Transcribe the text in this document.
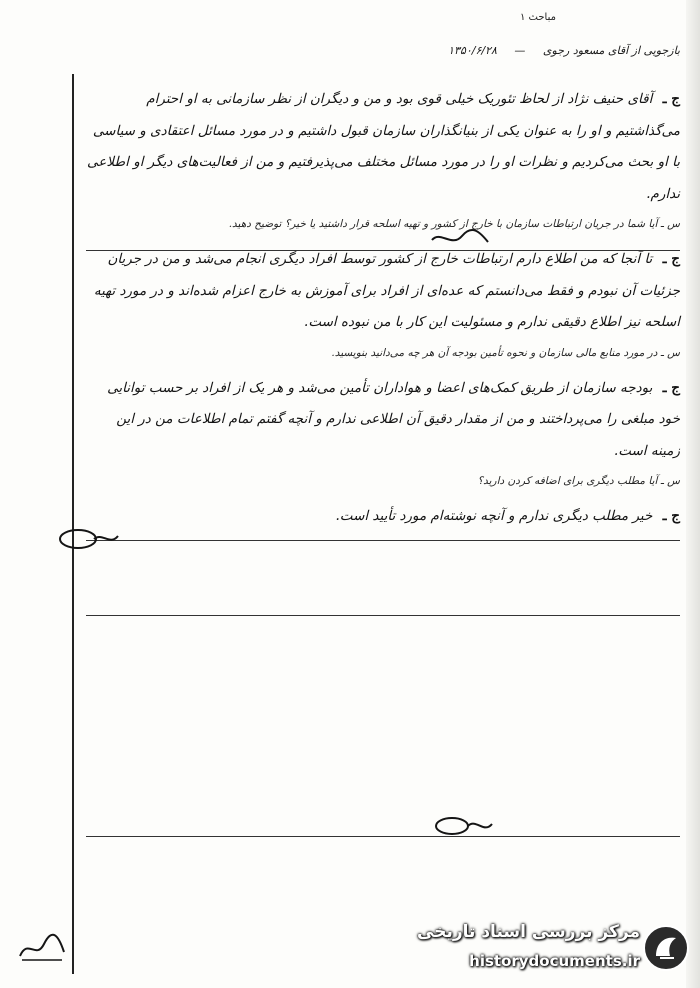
مباحث ۱
بازجویی از آقای مسعود رجوی — ۱۳۵۰/۶/۲۸
ج ـ آقای حنیف نژاد از لحاظ تئوریک خیلی قوی بود و من و دیگران از نظر سازمانی به او احترام می‌گذاشتیم و او را به عنوان یکی از بنیانگذاران سازمان قبول داشتیم و در مورد مسائل اعتقادی و سیاسی با او بحث می‌کردیم و نظرات او را در مورد مسائل مختلف می‌پذیرفتیم و من از فعالیت‌های دیگر او اطلاعی ندارم.
س ـ آیا شما در جریان ارتباطات سازمان با خارج از کشور و تهیه اسلحه قرار داشتید یا خیر؟ توضیح دهید.
ج ـ تا آنجا که من اطلاع دارم ارتباطات خارج از کشور توسط افراد دیگری انجام می‌شد و من در جریان جزئیات آن نبودم و فقط می‌دانستم که عده‌ای از افراد برای آموزش به خارج اعزام شده‌اند و در مورد تهیه اسلحه نیز اطلاع دقیقی ندارم و مسئولیت این کار با من نبوده است.
س ـ در مورد منابع مالی سازمان و نحوه تأمین بودجه آن هر چه می‌دانید بنویسید.
ج ـ بودجه سازمان از طریق کمک‌های اعضا و هواداران تأمین می‌شد و هر یک از افراد بر حسب توانایی خود مبلغی را می‌پرداختند و من از مقدار دقیق آن اطلاعی ندارم و آنچه گفتم تمام اطلاعات من در این زمینه است.
س ـ آیا مطلب دیگری برای اضافه کردن دارید؟
ج ـ خیر مطلب دیگری ندارم و آنچه نوشته‌ام مورد تأیید است.
مرکز بررسی اسناد تاریخی
historydocuments.ir
